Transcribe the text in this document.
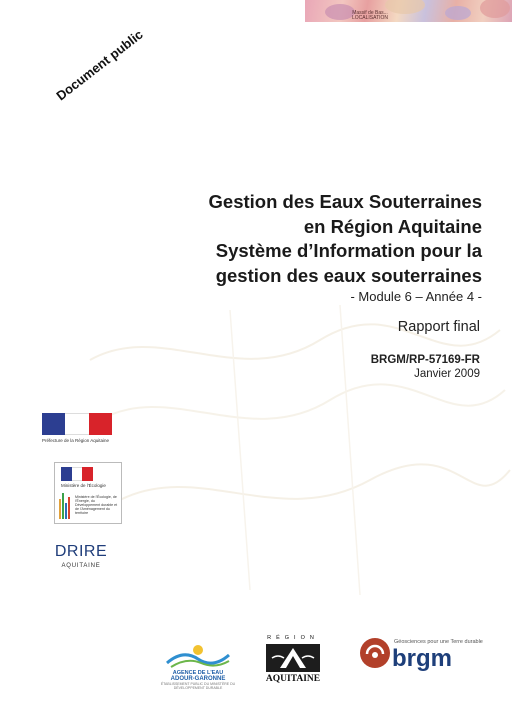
Massif de Bas... LOCALISATION
Document public
Gestion des Eaux Souterraines
en Région Aquitaine
Système d’Information pour la
gestion des eaux souterraines
- Module 6 – Année 4 -
Rapport final
BRGM/RP-57169-FR
Janvier 2009
Préfecture de la Région Aquitaine
Ministère de l'Écologie
Ministère de l'Écologie, de l'Énergie, du Développement durable et de l'Aménagement du territoire
DRIRE
AQUITAINE
AGENCE DE L'EAU
ADOUR-GARONNE
ÉTABLISSEMENT PUBLIC DU MINISTÈRE DU DÉVELOPPEMENT DURABLE
RÉGION
AQUITAINE
Géosciences pour une Terre durable
brgm
